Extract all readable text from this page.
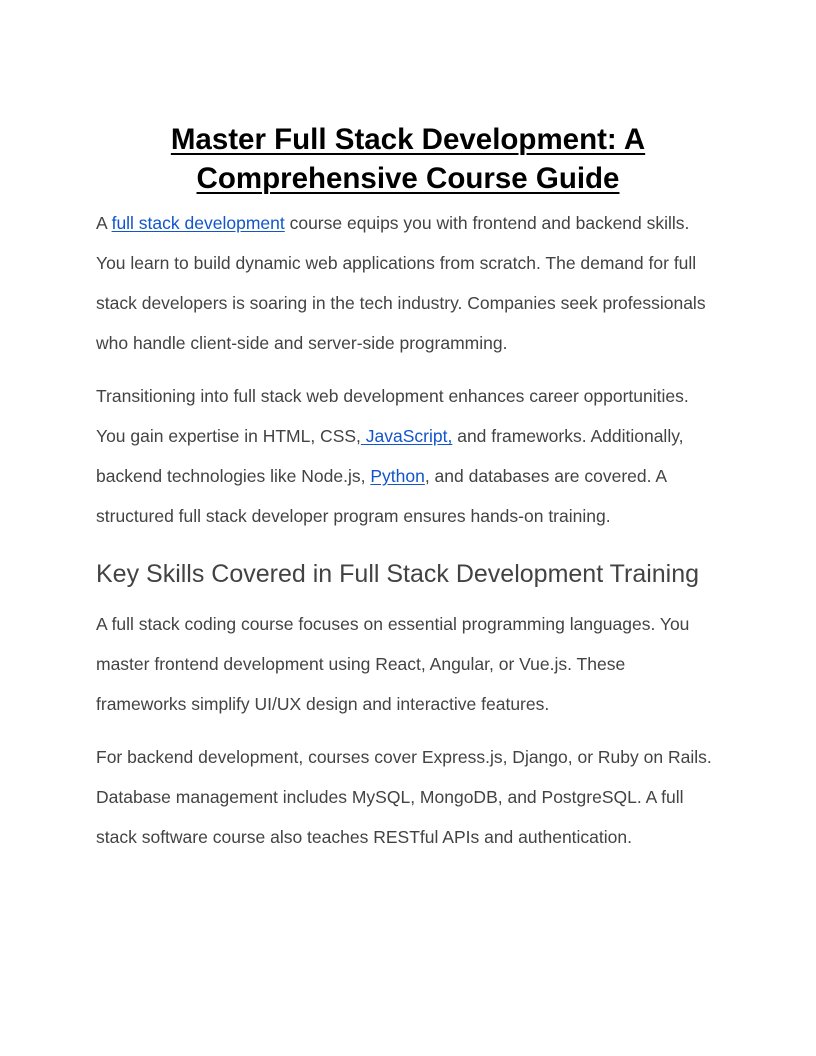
Master Full Stack Development: A
Comprehensive Course Guide

A full stack development course equips you with frontend and backend skills. You learn to build dynamic web applications from scratch. The demand for full stack developers is soaring in the tech industry. Companies seek professionals who handle client-side and server-side programming.

Transitioning into full stack web development enhances career opportunities. You gain expertise in HTML, CSS, JavaScript, and frameworks. Additionally, backend technologies like Node.js, Python, and databases are covered. A structured full stack developer program ensures hands-on training.

Key Skills Covered in Full Stack Development Training

A full stack coding course focuses on essential programming languages. You master frontend development using React, Angular, or Vue.js. These frameworks simplify UI/UX design and interactive features.

For backend development, courses cover Express.js, Django, or Ruby on Rails. Database management includes MySQL, MongoDB, and PostgreSQL. A full stack software course also teaches RESTful APIs and authentication.
